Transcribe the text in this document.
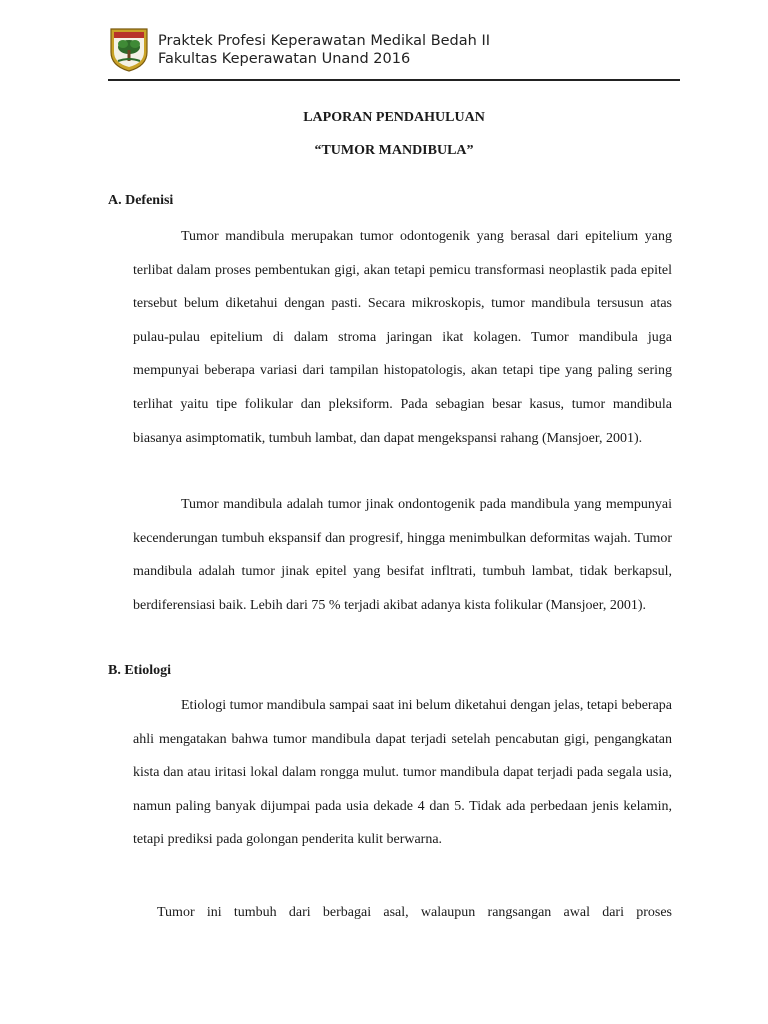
Praktek Profesi Keperawatan Medikal Bedah II
Fakultas Keperawatan Unand 2016
LAPORAN PENDAHULUAN
“TUMOR MANDIBULA”
A. Defenisi

Tumor mandibula merupakan tumor odontogenik yang berasal dari epitelium yang terlibat dalam proses pembentukan gigi, akan tetapi pemicu transformasi neoplastik pada epitel tersebut belum diketahui dengan pasti. Secara mikroskopis, tumor mandibula tersusun atas pulau-pulau epitelium di dalam stroma jaringan ikat kolagen. Tumor mandibula juga mempunyai beberapa variasi dari tampilan histopatologis, akan tetapi tipe yang paling sering terlihat yaitu tipe folikular dan pleksiform. Pada sebagian besar kasus, tumor mandibula biasanya asimptomatik, tumbuh lambat, dan dapat mengekspansi rahang (Mansjoer, 2001).

Tumor mandibula adalah tumor jinak ondontogenik pada mandibula yang mempunyai kecenderungan tumbuh ekspansif dan progresif, hingga menimbulkan deformitas wajah. Tumor mandibula adalah tumor jinak epitel yang besifat infltrati, tumbuh lambat, tidak berkapsul, berdiferensiasi baik. Lebih dari 75 % terjadi akibat adanya kista folikular (Mansjoer, 2001).

B. Etiologi

Etiologi tumor mandibula sampai saat ini belum diketahui dengan jelas, tetapi beberapa ahli mengatakan bahwa tumor mandibula dapat terjadi setelah pencabutan gigi, pengangkatan kista dan atau iritasi lokal dalam rongga mulut. tumor mandibula dapat terjadi pada segala usia, namun paling banyak dijumpai pada usia dekade 4 dan 5. Tidak ada perbedaan jenis kelamin, tetapi prediksi pada golongan penderita kulit berwarna.

Tumor ini tumbuh dari berbagai asal, walaupun rangsangan awal dari proses
